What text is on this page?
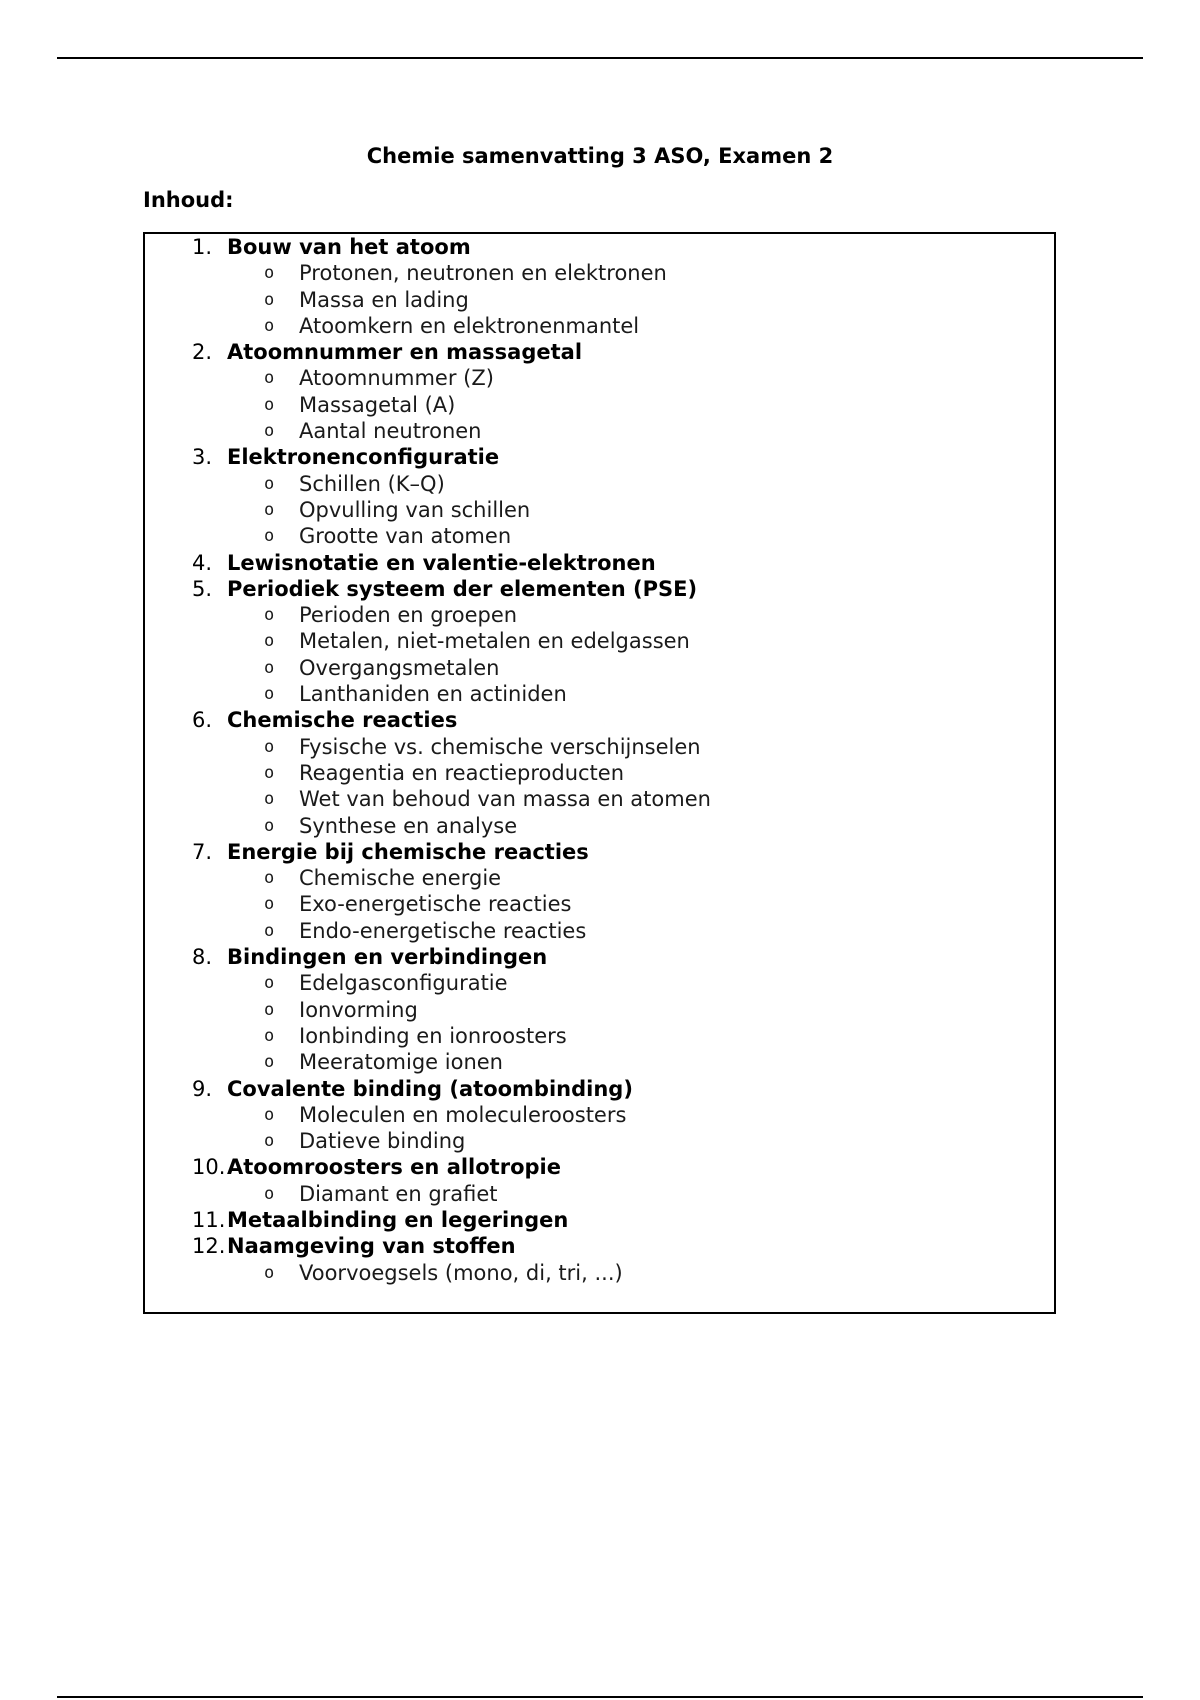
Chemie samenvatting 3 ASO, Examen 2
Inhoud:
1. Bouw van het atoom
o Protonen, neutronen en elektronen
o Massa en lading
o Atoomkern en elektronenmantel
2. Atoomnummer en massagetal
o Atoomnummer (Z)
o Massagetal (A)
o Aantal neutronen
3. Elektronenconfiguratie
o Schillen (K–Q)
o Opvulling van schillen
o Grootte van atomen
4. Lewisnotatie en valentie-elektronen
5. Periodiek systeem der elementen (PSE)
o Perioden en groepen
o Metalen, niet-metalen en edelgassen
o Overgangsmetalen
o Lanthaniden en actiniden
6. Chemische reacties
o Fysische vs. chemische verschijnselen
o Reagentia en reactieproducten
o Wet van behoud van massa en atomen
o Synthese en analyse
7. Energie bij chemische reacties
o Chemische energie
o Exo-energetische reacties
o Endo-energetische reacties
8. Bindingen en verbindingen
o Edelgasconfiguratie
o Ionvorming
o Ionbinding en ionroosters
o Meeratomige ionen
9. Covalente binding (atoombinding)
o Moleculen en moleculeroosters
o Datieve binding
10. Atoomroosters en allotropie
o Diamant en grafiet
11. Metaalbinding en legeringen
12. Naamgeving van stoffen
o Voorvoegsels (mono, di, tri, ...)
